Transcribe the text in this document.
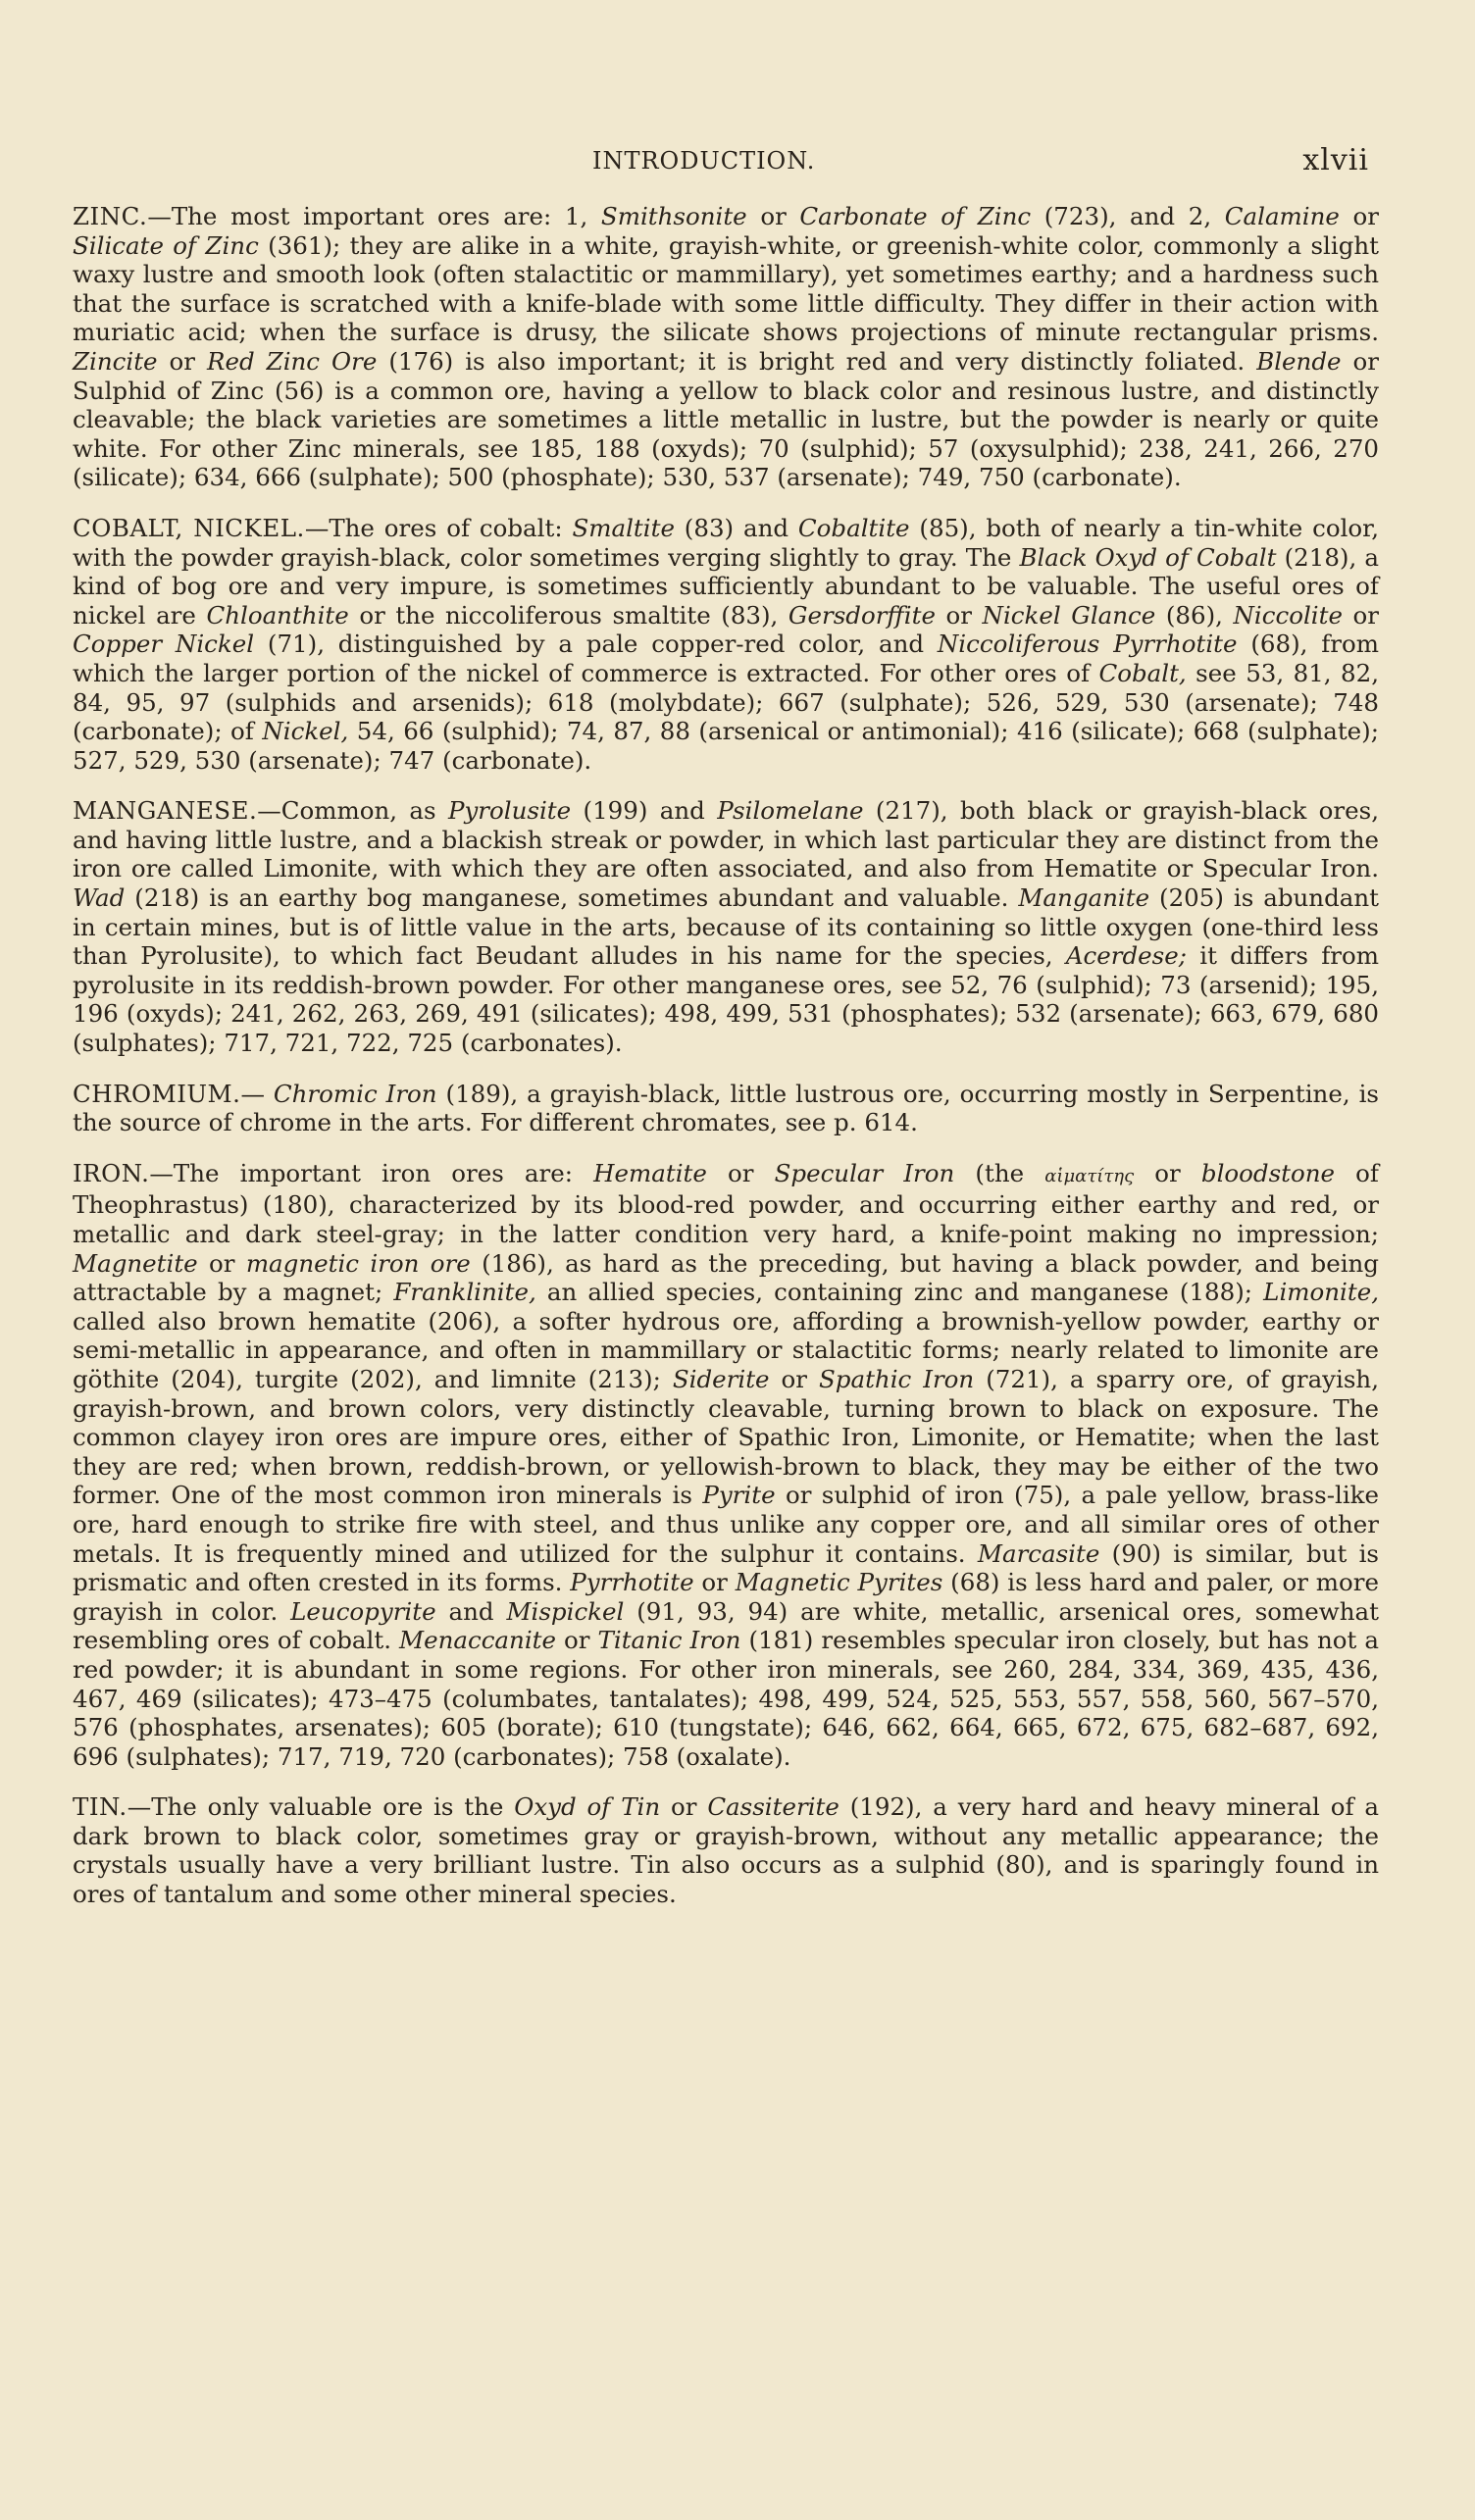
INTRODUCTION.	xlvii

ZINC.—The most important ores are: 1, Smithsonite or Carbonate of Zinc (723), and 2, Calamine or Silicate of Zinc (361); they are alike in a white, grayish-white, or greenish-white color, commonly a slight waxy lustre and smooth look (often stalactitic or mammillary), yet sometimes earthy; and a hardness such that the surface is scratched with a knife-blade with some little difficulty. They differ in their action with muriatic acid; when the surface is drusy, the silicate shows projections of minute rectangular prisms. Zincite or Red Zinc Ore (176) is also important; it is bright red and very distinctly foliated. Blende or Sulphid of Zinc (56) is a common ore, having a yellow to black color and resinous lustre, and distinctly cleavable; the black varieties are sometimes a little metallic in lustre, but the powder is nearly or quite white. For other Zinc minerals, see 185, 188 (oxyds); 70 (sulphid); 57 (oxysulphid); 238, 241, 266, 270 (silicate); 634, 666 (sulphate); 500 (phosphate); 530, 537 (arsenate); 749, 750 (carbonate).

COBALT, NICKEL.—The ores of cobalt: Smaltite (83) and Cobaltite (85), both of nearly a tin-white color, with the powder grayish-black, color sometimes verging slightly to gray. The Black Oxyd of Cobalt (218), a kind of bog ore and very impure, is sometimes sufficiently abundant to be valuable. The useful ores of nickel are Chloanthite or the niccoliferous smaltite (83), Gersdorffite or Nickel Glance (86), Niccolite or Copper Nickel (71), distinguished by a pale copper-red color, and Niccoliferous Pyrrhotite (68), from which the larger portion of the nickel of commerce is extracted. For other ores of Cobalt, see 53, 81, 82, 84, 95, 97 (sulphids and arsenids); 618 (molybdate); 667 (sulphate); 526, 529, 530 (arsenate); 748 (carbonate); of Nickel, 54, 66 (sulphid); 74, 87, 88 (arsenical or antimonial); 416 (silicate); 668 (sulphate); 527, 529, 530 (arsenate); 747 (carbonate).

MANGANESE.—Common, as Pyrolusite (199) and Psilomelane (217), both black or grayish-black ores, and having little lustre, and a blackish streak or powder, in which last particular they are distinct from the iron ore called Limonite, with which they are often associated, and also from Hematite or Specular Iron. Wad (218) is an earthy bog manganese, sometimes abundant and valuable. Manganite (205) is abundant in certain mines, but is of little value in the arts, because of its containing so little oxygen (one-third less than Pyrolusite), to which fact Beudant alludes in his name for the species, Acerdese; it differs from pyrolusite in its reddish-brown powder. For other manganese ores, see 52, 76 (sulphid); 73 (arsenid); 195, 196 (oxyds); 241, 262, 263, 269, 491 (silicates); 498, 499, 531 (phosphates); 532 (arsenate); 663, 679, 680 (sulphates); 717, 721, 722, 725 (carbonates).

CHROMIUM.— Chromic Iron (189), a grayish-black, little lustrous ore, occurring mostly in Serpentine, is the source of chrome in the arts. For different chromates, see p. 614.

IRON.—The important iron ores are: Hematite or Specular Iron (the αἱματίτης or bloodstone of Theophrastus) (180), characterized by its blood-red powder, and occurring either earthy and red, or metallic and dark steel-gray; in the latter condition very hard, a knife-point making no impression; Magnetite or magnetic iron ore (186), as hard as the preceding, but having a black powder, and being attractable by a magnet; Franklinite, an allied species, containing zinc and manganese (188); Limonite, called also brown hematite (206), a softer hydrous ore, affording a brownish-yellow powder, earthy or semi-metallic in appearance, and often in mammillary or stalactitic forms; nearly related to limonite are göthite (204), turgite (202), and limnite (213); Siderite or Spathic Iron (721), a sparry ore, of grayish, grayish-brown, and brown colors, very distinctly cleavable, turning brown to black on exposure. The common clayey iron ores are impure ores, either of Spathic Iron, Limonite, or Hematite; when the last they are red; when brown, reddish-brown, or yellowish-brown to black, they may be either of the two former. One of the most common iron minerals is Pyrite or sulphid of iron (75), a pale yellow, brass-like ore, hard enough to strike fire with steel, and thus unlike any copper ore, and all similar ores of other metals. It is frequently mined and utilized for the sulphur it contains. Marcasite (90) is similar, but is prismatic and often crested in its forms. Pyrrhotite or Magnetic Pyrites (68) is less hard and paler, or more grayish in color. Leucopyrite and Mispickel (91, 93, 94) are white, metallic, arsenical ores, somewhat resembling ores of cobalt. Menaccanite or Titanic Iron (181) resembles specular iron closely, but has not a red powder; it is abundant in some regions. For other iron minerals, see 260, 284, 334, 369, 435, 436, 467, 469 (silicates); 473–475 (columbates, tantalates); 498, 499, 524, 525, 553, 557, 558, 560, 567–570, 576 (phosphates, arsenates); 605 (borate); 610 (tungstate); 646, 662, 664, 665, 672, 675, 682–687, 692, 696 (sulphates); 717, 719, 720 (carbonates); 758 (oxalate).

TIN.—The only valuable ore is the Oxyd of Tin or Cassiterite (192), a very hard and heavy mineral of a dark brown to black color, sometimes gray or grayish-brown, without any metallic appearance; the crystals usually have a very brilliant lustre. Tin also occurs as a sulphid (80), and is sparingly found in ores of tantalum and some other mineral species.
